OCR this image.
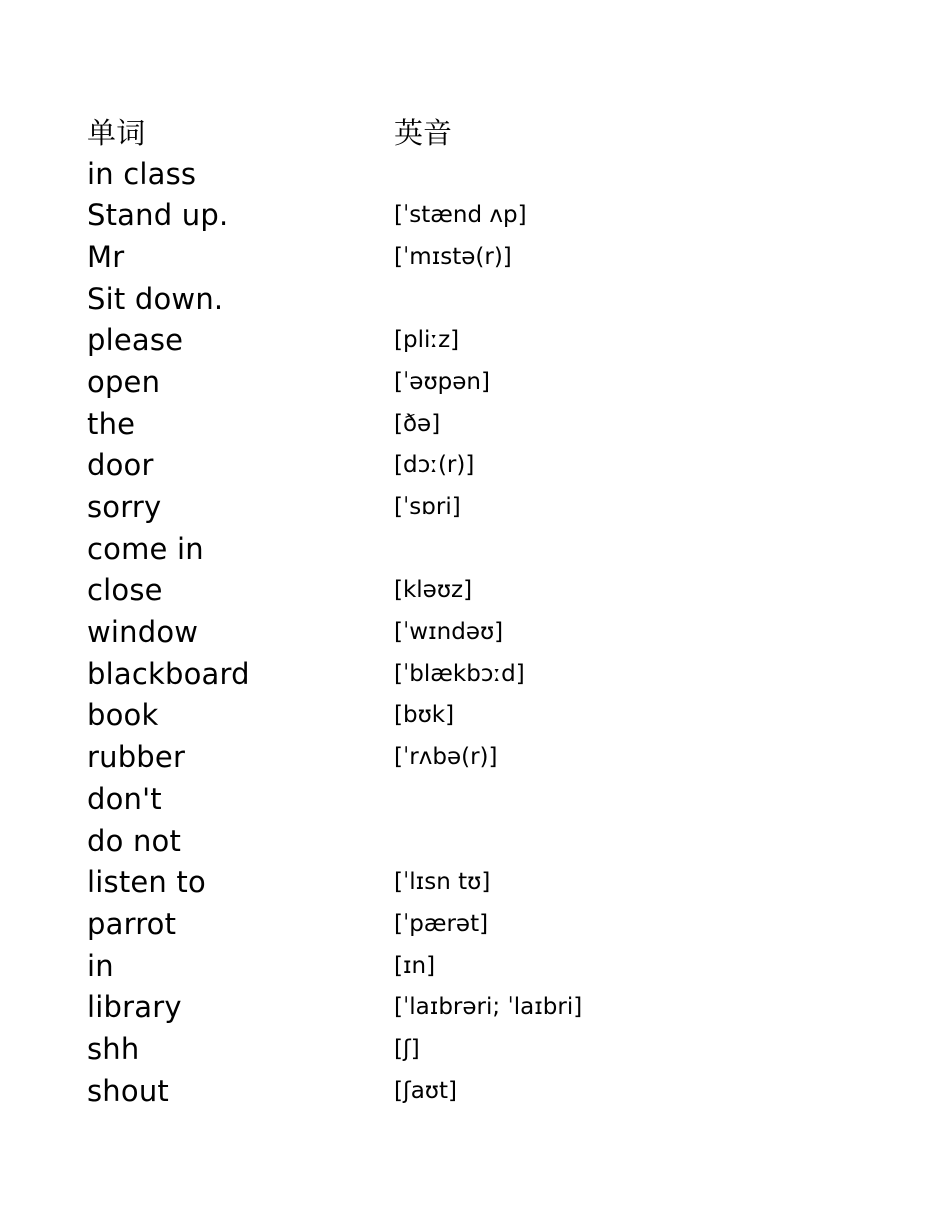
单词	英音
in class
Stand up.	[ˈstænd ʌp]
Mr	[ˈmɪstə(r)]
Sit down.
please	[pliːz]
open	[ˈəʊpən]
the	[ðə]
door	[dɔː(r)]
sorry	[ˈsɒri]
come in
close	[kləʊz]
window	[ˈwɪndəʊ]
blackboard	[ˈblækbɔːd]
book	[bʊk]
rubber	[ˈrʌbə(r)]
don't
do not
listen to	[ˈlɪsn tʊ]
parrot	[ˈpærət]
in	[ɪn]
library	[ˈlaɪbrəri; ˈlaɪbri]
shh	[ʃ]
shout	[ʃaʊt]
